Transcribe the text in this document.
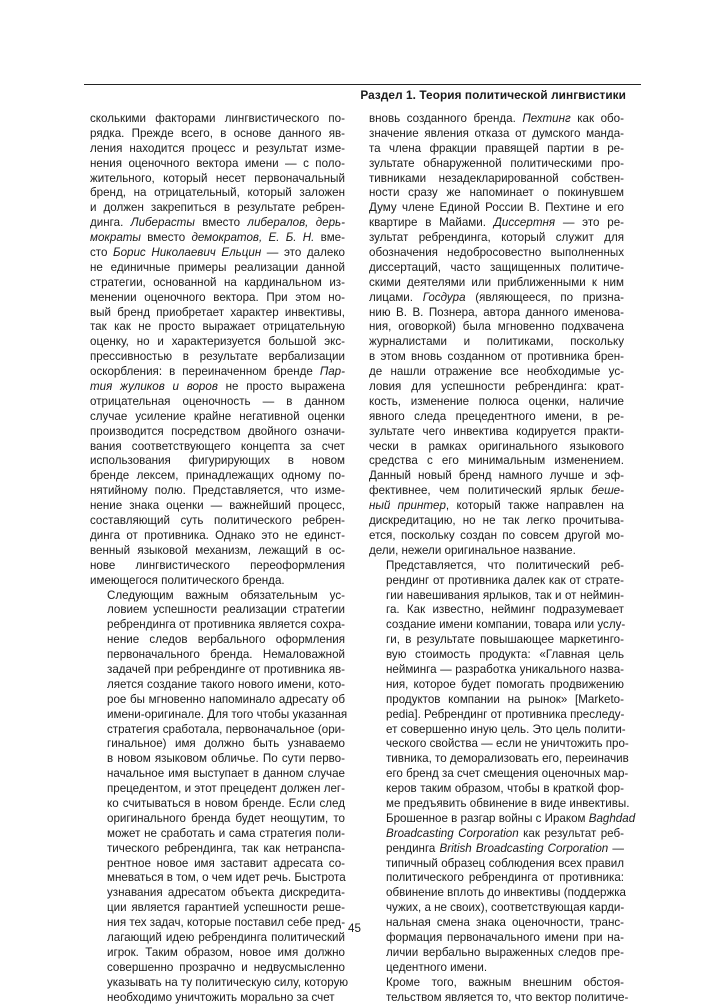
Раздел 1. Теория политической лингвистики

сколькими факторами лингвистического по-
рядка. Прежде всего, в основе данного яв-
ления находится процесс и результат изме-
нения оценочного вектора имени — с поло-
жительного, который несет первоначальный
бренд, на отрицательный, который заложен
и должен закрепиться в результате ребрен-
динга. Либерасты вместо либералов, дерь-
мократы вместо демократов, Е. Б. Н. вме-
сто Борис Николаевич Ельцин — это далеко
не единичные примеры реализации данной
стратегии, основанной на кардинальном из-
менении оценочного вектора. При этом но-
вый бренд приобретает характер инвективы,
так как не просто выражает отрицательную
оценку, но и характеризуется большой экс-
прессивностью в результате вербализации
оскорбления: в переиначенном бренде Пар-
тия жуликов и воров не просто выражена
отрицательная оценочность — в данном
случае усиление крайне негативной оценки
производится посредством двойного означи-
вания соответствующего концепта за счет
использования фигурирующих в новом
бренде лексем, принадлежащих одному по-
нятийному полю. Представляется, что изме-
нение знака оценки — важнейший процесс,
составляющий суть политического ребрен-
динга от противника. Однако это не единст-
венный языковой механизм, лежащий в ос-
нове лингвистического переоформления
имеющегося политического бренда.

Следующим важным обязательным ус-
ловием успешности реализации стратегии
ребрендинга от противника является сохра-
нение следов вербального оформления
первоначального бренда. Немаловажной
задачей при ребрендинге от противника яв-
ляется создание такого нового имени, кото-
рое бы мгновенно напоминало адресату об
имени-оригинале. Для того чтобы указанная
стратегия сработала, первоначальное (ори-
гинальное) имя должно быть узнаваемо
в новом языковом обличье. По сути перво-
начальное имя выступает в данном случае
прецедентом, и этот прецедент должен лег-
ко считываться в новом бренде. Если след
оригинального бренда будет неощутим, то
может не сработать и сама стратегия поли-
тического ребрендинга, так как нетранспа-
рентное новое имя заставит адресата со-
мневаться в том, о чем идет речь. Быстрота
узнавания адресатом объекта дискредита-
ции является гарантией успешности реше-
ния тех задач, которые поставил себе пред-
лагающий идею ребрендинга политический
игрок. Таким образом, новое имя должно
совершенно прозрачно и недвусмысленно
указывать на ту политическую силу, которую
необходимо уничтожить морально за счет

вновь созданного бренда. Пехтинг как обо-
значение явления отказа от думского манда-
та члена фракции правящей партии в ре-
зультате обнаруженной политическими про-
тивниками незадекларированной собствен-
ности сразу же напоминает о покинувшем
Думу члене Единой России В. Пехтине и его
квартире в Майами. Диссертня — это ре-
зультат ребрендинга, который служит для
обозначения недобросовестно выполненных
диссертаций, часто защищенных политиче-
скими деятелями или приближенными к ним
лицами. Госдура (являющееся, по призна-
нию В. В. Познера, автора данного именова-
ния, оговоркой) была мгновенно подхвачена
журналистами и политиками, поскольку
в этом вновь созданном от противника брен-
де нашли отражение все необходимые ус-
ловия для успешности ребрендинга: крат-
кость, изменение полюса оценки, наличие
явного следа прецедентного имени, в ре-
зультате чего инвектива кодируется практи-
чески в рамках оригинального языкового
средства с его минимальным изменением.
Данный новый бренд намного лучше и эф-
фективнее, чем политический ярлык беше-
ный принтер, который также направлен на
дискредитацию, но не так легко прочитыва-
ется, поскольку создан по совсем другой мо-
дели, нежели оригинальное название.

Представляется, что политический реб-
рендинг от противника далек как от страте-
гии навешивания ярлыков, так и от неймин-
га. Как известно, нейминг подразумевает
создание имени компании, товара или услу-
ги, в результате повышающее маркетинго-
вую стоимость продукта: «Главная цель
нейминга — разработка уникального назва-
ния, которое будет помогать продвижению
продуктов компании на рынок» [Marketo-
pedia]. Ребрендинг от противника преследу-
ет совершенно иную цель. Это цель полити-
ческого свойства — если не уничтожить про-
тивника, то деморализовать его, переиначив
его бренд за счет смещения оценочных мар-
керов таким образом, чтобы в краткой фор-
ме предъявить обвинение в виде инвективы.
Брошенное в разгар войны с Ираком Baghdad
Broadcasting Corporation как результат реб-
рендинга British Broadcasting Corporation —
типичный образец соблюдения всех правил
политического ребрендинга от противника:
обвинение вплоть до инвективы (поддержка
чужих, а не своих), соответствующая карди-
нальная смена знака оценочности, транс-
формация первоначального имени при на-
личии вербально выраженных следов пре-
цедентного имени.

Кроме того, важным внешним обстоя-
тельством является то, что вектор политиче-

45
